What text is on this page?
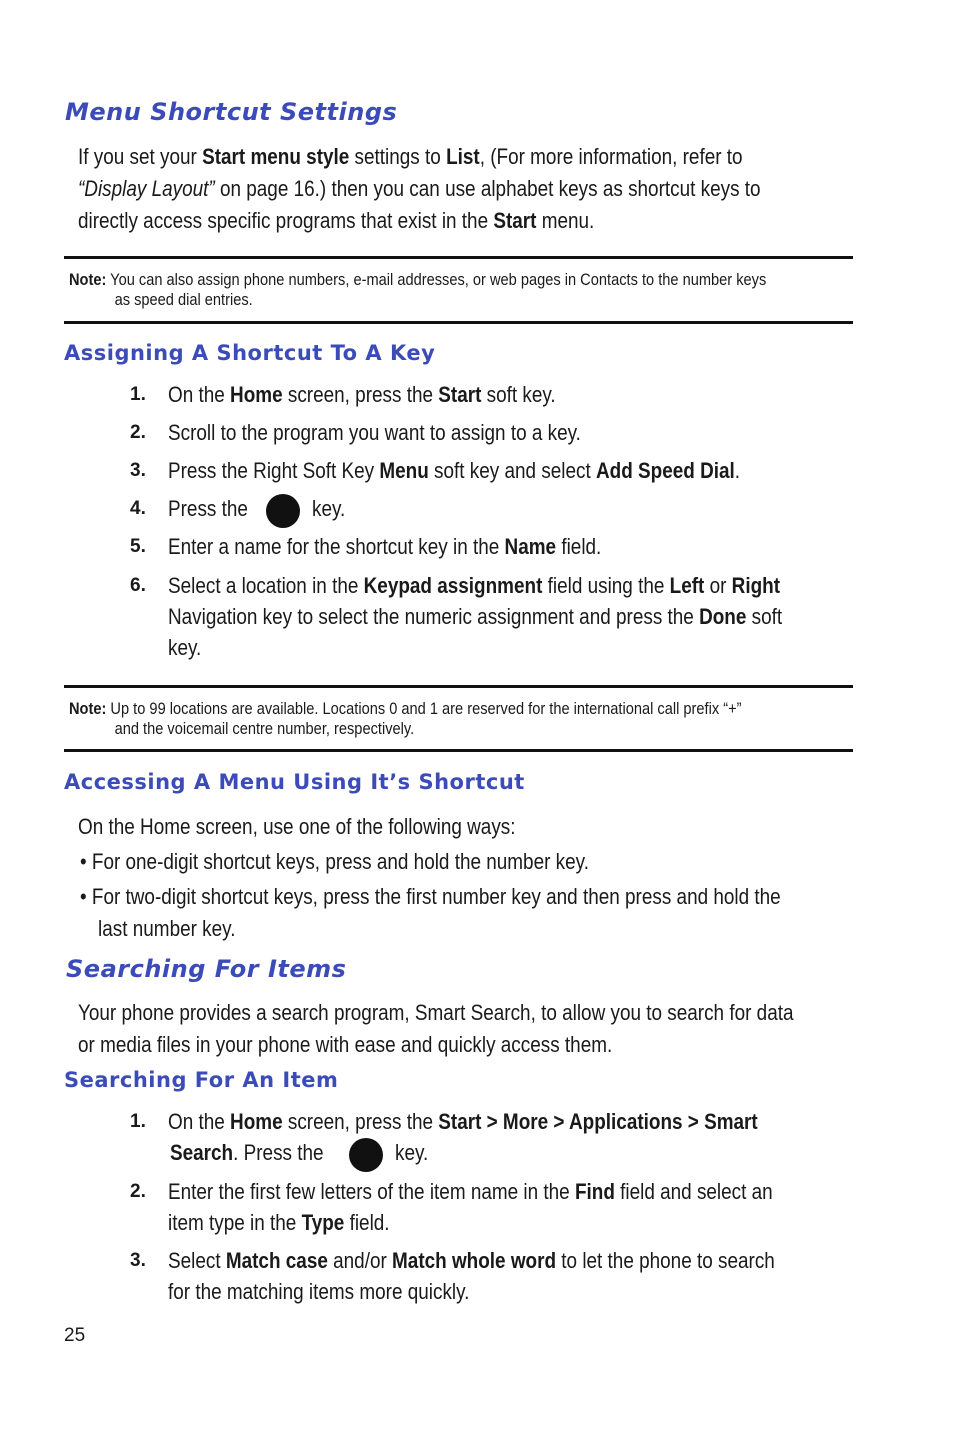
Menu Shortcut Settings
If you set your Start menu style settings to List, (For more information, refer to
“Display Layout” on page 16.) then you can use alphabet keys as shortcut keys to
directly access specific programs that exist in the Start menu.
Note: You can also assign phone numbers, e-mail addresses, or web pages in Contacts to the number keys
as speed dial entries.
Assigning A Shortcut To A Key
1. On the Home screen, press the Start soft key.
2. Scroll to the program you want to assign to a key.
3. Press the Right Soft Key Menu soft key and select Add Speed Dial.
4. Press the	key.
5. Enter a name for the shortcut key in the Name field.
6. Select a location in the Keypad assignment field using the Left or Right
Navigation key to select the numeric assignment and press the Done soft
key.
Note: Up to 99 locations are available. Locations 0 and 1 are reserved for the international call prefix “+”
and the voicemail centre number, respectively.
Accessing A Menu Using It’s Shortcut
On the Home screen, use one of the following ways:
• For one-digit shortcut keys, press and hold the number key.
• For two-digit shortcut keys, press the first number key and then press and hold the
last number key.
Searching For Items
Your phone provides a search program, Smart Search, to allow you to search for data
or media files in your phone with ease and quickly access them.
Searching For An Item
1. On the Home screen, press the Start > More > Applications > Smart
Search. Press the	key.
2. Enter the first few letters of the item name in the Find field and select an
item type in the Type field.
3. Select Match case and/or Match whole word to let the phone to search
for the matching items more quickly.
25
